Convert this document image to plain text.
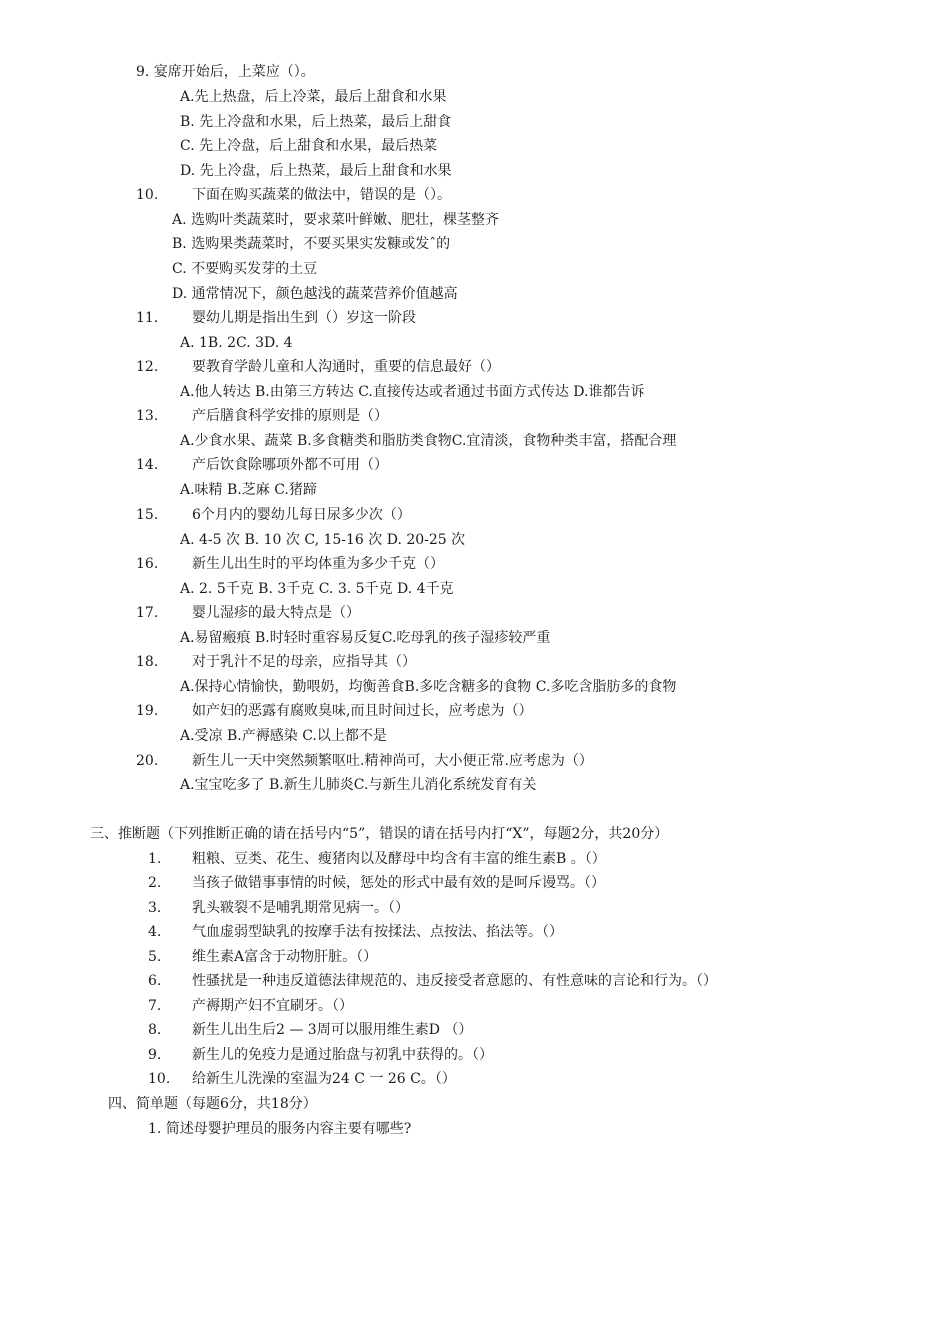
9. 宴席开始后，上菜应（）。
A.先上热盘，后上冷菜，最后上甜食和水果
B. 先上冷盘和水果，后上热菜，最后上甜食
C. 先上冷盘，后上甜食和水果，最后热菜
D. 先上冷盘，后上热菜，最后上甜食和水果
10. 下面在购买蔬菜的做法中，错误的是（）。
A. 选购叶类蔬菜时，要求菜叶鲜嫩、肥壮，棵茎整齐
B. 选购果类蔬菜时，不要买果实发糠或发ˆ的
C. 不要购买发芽的土豆
D. 通常情况下，颜色越浅的蔬菜营养价值越高
11. 婴幼儿期是指出生到（）岁这一阶段
A. 1B. 2C. 3D. 4
12. 要教育学龄儿童和人沟通时，重要的信息最好（）
A.他人转达 B.由第三方转达 C.直接传达或者通过书面方式传达 D.谁都告诉
13. 产后膳食科学安排的原则是（）
A.少食水果、蔬菜 B.多食糖类和脂肪类食物C.宜清淡，食物种类丰富，搭配合理
14. 产后饮食除哪项外都不可用（）
A.味精 B.芝麻 C.猪蹄
15. 6个月内的婴幼儿每日尿多少次（）
A. 4-5 次 B. 10 次 C, 15-16 次 D. 20-25 次
16. 新生儿出生时的平均体重为多少千克（）
A. 2. 5千克 B. 3千克 C. 3. 5千克 D. 4千克
17. 婴儿湿疹的最大特点是（）
A.易留瘢痕 B.时轻时重容易反复C.吃母乳的孩子湿疹较严重
18. 对于乳汁不足的母亲，应指导其（）
A.保持心情愉快，勤喂奶，均衡善食B.多吃含糖多的食物 C.多吃含脂肪多的食物
19. 如产妇的恶露有腐败臭味,而且时间过长，应考虑为（）
A.受凉 B.产褥感染 C.以上都不是
20. 新生儿一天中突然频繁呕吐.精神尚可，大小便正常.应考虑为（）
A.宝宝吃多了 B.新生儿肺炎C.与新生儿消化系统发育有关
三、推断题（下列推断正确的请在括号内“5”，错误的请在括号内打“X”，每题2分，共20分）
1. 粗粮、豆类、花生、瘦猪肉以及酵母中均含有丰富的维生素B 。（）
2. 当孩子做错事事情的时候，惩处的形式中最有效的是呵斥谩骂。（）
3. 乳头皲裂不是哺乳期常见病一。（）
4. 气血虚弱型缺乳的按摩手法有按揉法、点按法、掐法等。（）
5. 维生素A富含于动物肝脏。（）
6. 性骚扰是一种违反道德法律规范的、违反接受者意愿的、有性意味的言论和行为。（）
7. 产褥期产妇不宜刷牙。（）
8. 新生儿出生后2 — 3周可以服用维生素D （）
9. 新生儿的免疫力是通过胎盘与初乳中获得的。（）
10. 给新生儿洗澡的室温为24 C 一 26 C。（）
四、简单题（每题6分，共18分）
1. 简述母婴护理员的服务内容主要有哪些?
